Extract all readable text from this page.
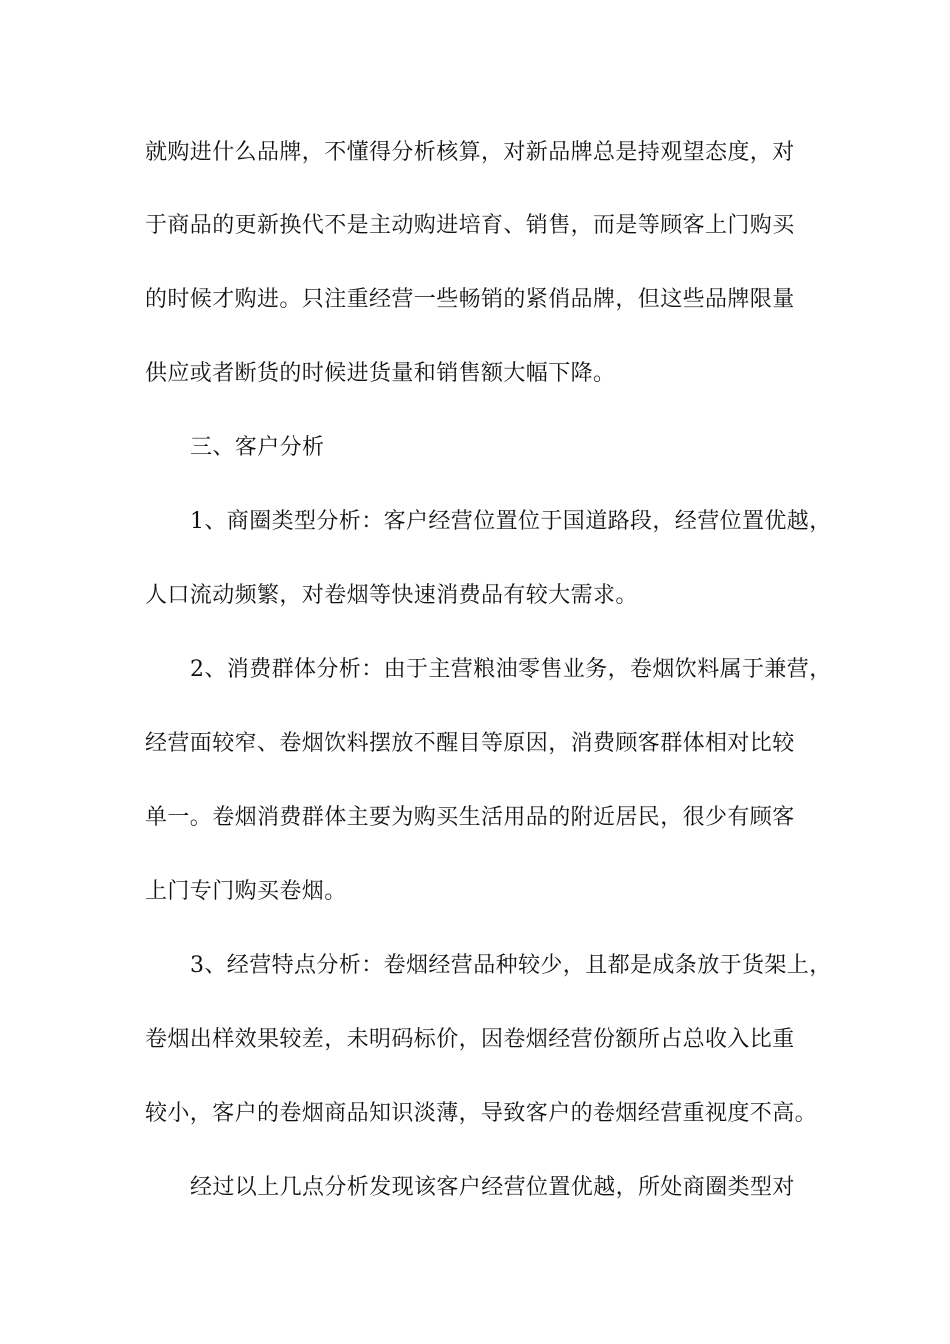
就购进什么品牌，不懂得分析核算，对新品牌总是持观望态度，对
于商品的更新换代不是主动购进培育、销售，而是等顾客上门购买
的时候才购进。只注重经营一些畅销的紧俏品牌，但这些品牌限量
供应或者断货的时候进货量和销售额大幅下降。
三、客户分析
1、商圈类型分析：客户经营位置位于国道路段，经营位置优越，
人口流动频繁，对卷烟等快速消费品有较大需求。
2、消费群体分析：由于主营粮油零售业务，卷烟饮料属于兼营，
经营面较窄、卷烟饮料摆放不醒目等原因，消费顾客群体相对比较
单一。卷烟消费群体主要为购买生活用品的附近居民，很少有顾客
上门专门购买卷烟。
3、经营特点分析：卷烟经营品种较少，且都是成条放于货架上，
卷烟出样效果较差，未明码标价，因卷烟经营份额所占总收入比重
较小，客户的卷烟商品知识淡薄，导致客户的卷烟经营重视度不高。
经过以上几点分析发现该客户经营位置优越，所处商圈类型对
